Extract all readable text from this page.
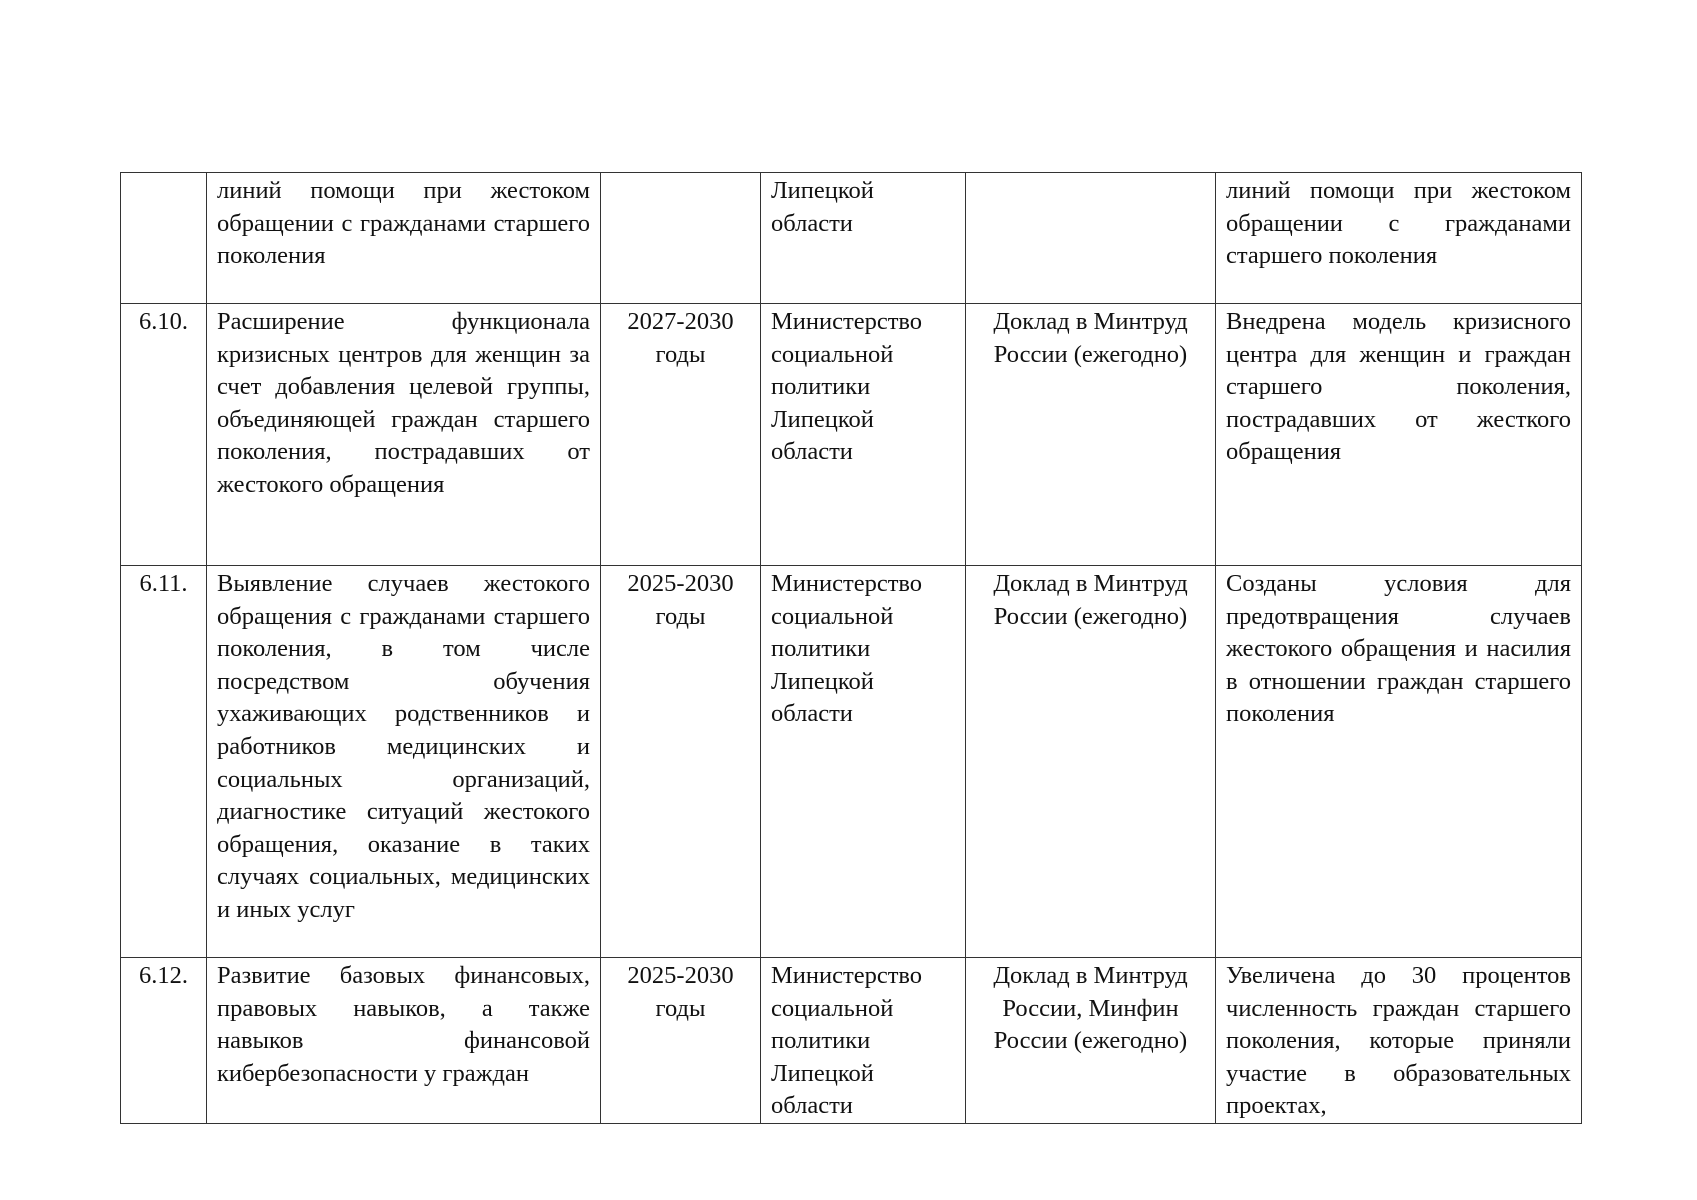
	линий помощи при жестоком обращении с гражданами старшего поколения		Липецкой области		линий помощи при жестоком обращении с гражданами старшего поколения
6.10.	Расширение функционала кризисных центров для женщин за счет добавления целевой группы, объединяющей граждан старшего поколения, пострадавших от жестокого обращения	2027-2030 годы	Министерство социальной политики Липецкой области	Доклад в Минтруд России (ежегодно)	Внедрена модель кризисного центра для женщин и граждан старшего поколения, пострадавших от жесткого обращения
6.11.	Выявление случаев жестокого обращения с гражданами старшего поколения, в том числе посредством обучения ухаживающих родственников и работников медицинских и социальных организаций, диагностике ситуаций жестокого обращения, оказание в таких случаях социальных, медицинских и иных услуг	2025-2030 годы	Министерство социальной политики Липецкой области	Доклад в Минтруд России (ежегодно)	Созданы условия для предотвращения случаев жестокого обращения и насилия в отношении граждан старшего поколения
6.12.	Развитие базовых финансовых, правовых навыков, а также навыков финансовой кибербезопасности у граждан	2025-2030 годы	Министерство социальной политики Липецкой области	Доклад в Минтруд России, Минфин России (ежегодно)	Увеличена до 30 процентов численность граждан старшего поколения, которые приняли участие в образовательных проектах,
